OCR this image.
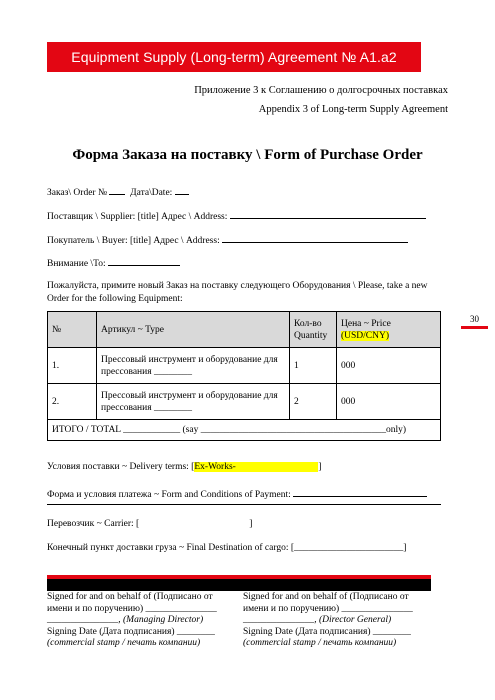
Equipment Supply (Long-term) Agreement № A1.a2
Приложение 3 к Соглашению о долгосрочных поставках
Appendix 3 of Long-term Supply Agreement
Форма Заказа на поставку \ Form of Purchase Order
Заказ\ Order № Дата\Date:
Поставщик \ Supplier: [title] Адрес \ Address:
Покупатель \ Buyer: [title] Адрес \ Address:
Внимание \To:
Пожалуйста, примите новый Заказ на поставку следующего Оборудования \ Please, take a new Order for the following Equipment:
30
№	Артикул ~ Type	Кол-во Quantity	Цена ~ Price
(USD/CNY)
1.	Прессовый инструмент и оборудование для прессования ________	1	000
2.	Прессовый инструмент и оборудование для прессования ________	2	000
ИТОГО / TOTAL ____________ (say _______________________________________only)			
Условия поставки ~ Delivery terms: [Ex-Works-	]
Форма и условия платежа ~ Form and Conditions of Payment:
Перевозчик ~ Carrier: [	]
Конечный пункт доставки груза ~ Final Destination of cargo: [_______________________]
Signed for and on behalf of (Подписано от имени и по поручению) _______________
_______________, (Managing Director)
Signing Date (Дата подписания) ________
(commercial stamp / печать компании)
Signed for and on behalf of (Подписано от имени и по поручению) _______________
_______________, (Director General)
Signing Date (Дата подписания) ________
(commercial stamp / печать компании)
